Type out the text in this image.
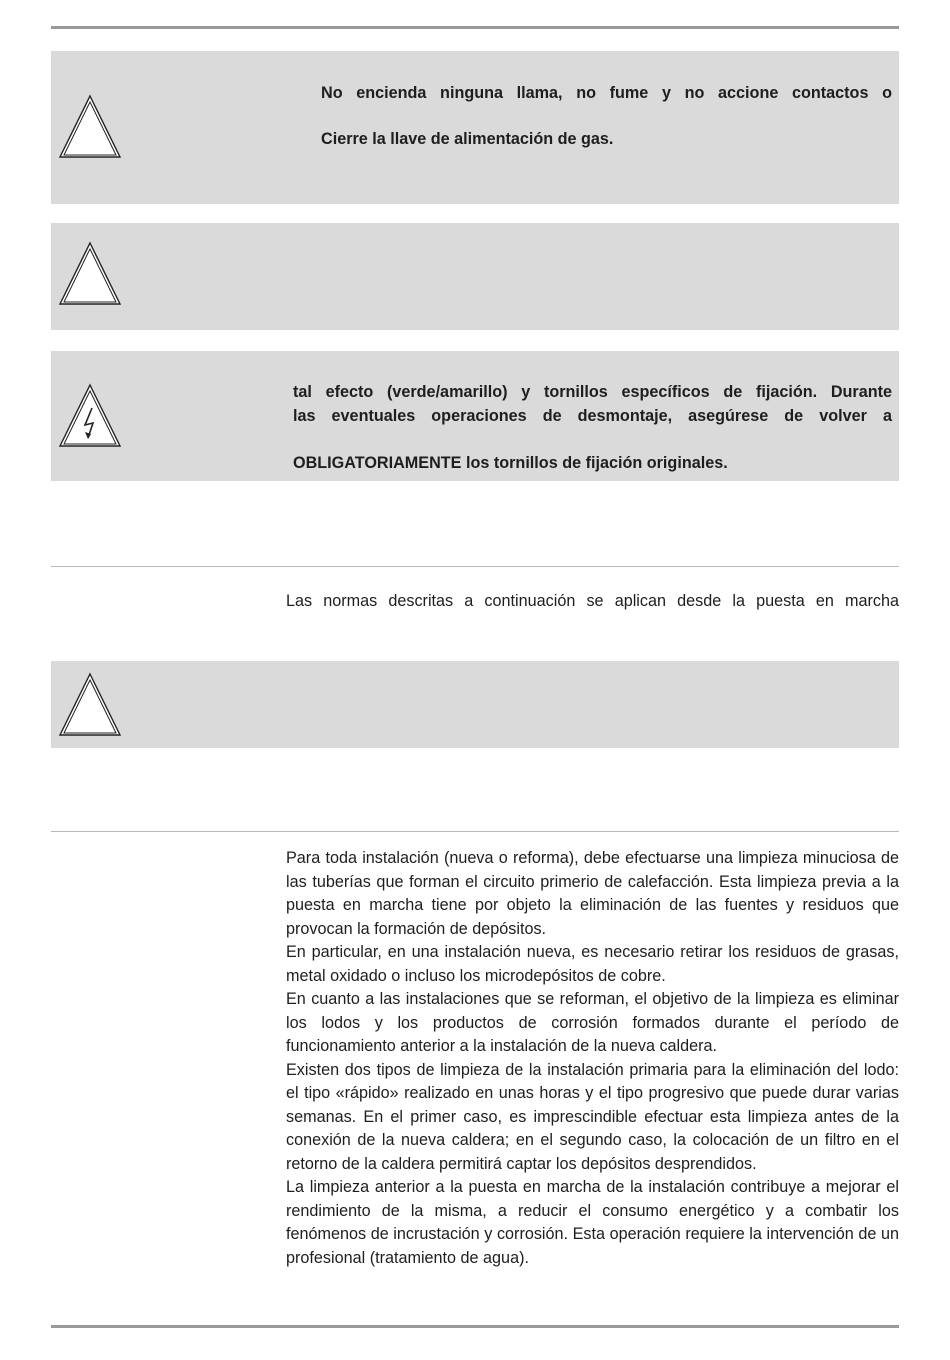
No encienda ninguna llama, no fume y no accione contactos o
Cierre la llave de alimentación de gas.
tal efecto (verde/amarillo) y tornillos específicos de fijación. Durante
las eventuales operaciones de desmontaje, asegúrese de volver a
OBLIGATORIAMENTE los tornillos de fijación originales.
Las normas descritas a continuación se aplican desde la puesta en marcha

Para toda instalación (nueva o reforma), debe efectuarse una limpieza minuciosa de las tuberías que forman el circuito primerio de calefacción. Esta limpieza previa a la puesta en marcha tiene por objeto la eliminación de las fuentes y residuos que provocan la formación de depósitos.

En particular, en una instalación nueva, es necesario retirar los residuos de grasas, metal oxidado o incluso los microdepósitos de cobre.

En cuanto a las instalaciones que se reforman, el objetivo de la limpieza es eliminar los lodos y los productos de corrosión formados durante el período de funcionamiento anterior a la instalación de la nueva caldera.

Existen dos tipos de limpieza de la instalación primaria para la eliminación del lodo: el tipo «rápido» realizado en unas horas y el tipo progresivo que puede durar varias semanas. En el primer caso, es imprescindible efectuar esta limpieza antes de la conexión de la nueva caldera; en el segundo caso, la colocación de un filtro en el retorno de la caldera permitirá captar los depósitos desprendidos.

La limpieza anterior a la puesta en marcha de la instalación contribuye a mejorar el rendimiento de la misma, a reducir el consumo energético y a combatir los fenómenos de incrustación y corrosión. Esta operación requiere la intervención de un profesional (tratamiento de agua).
